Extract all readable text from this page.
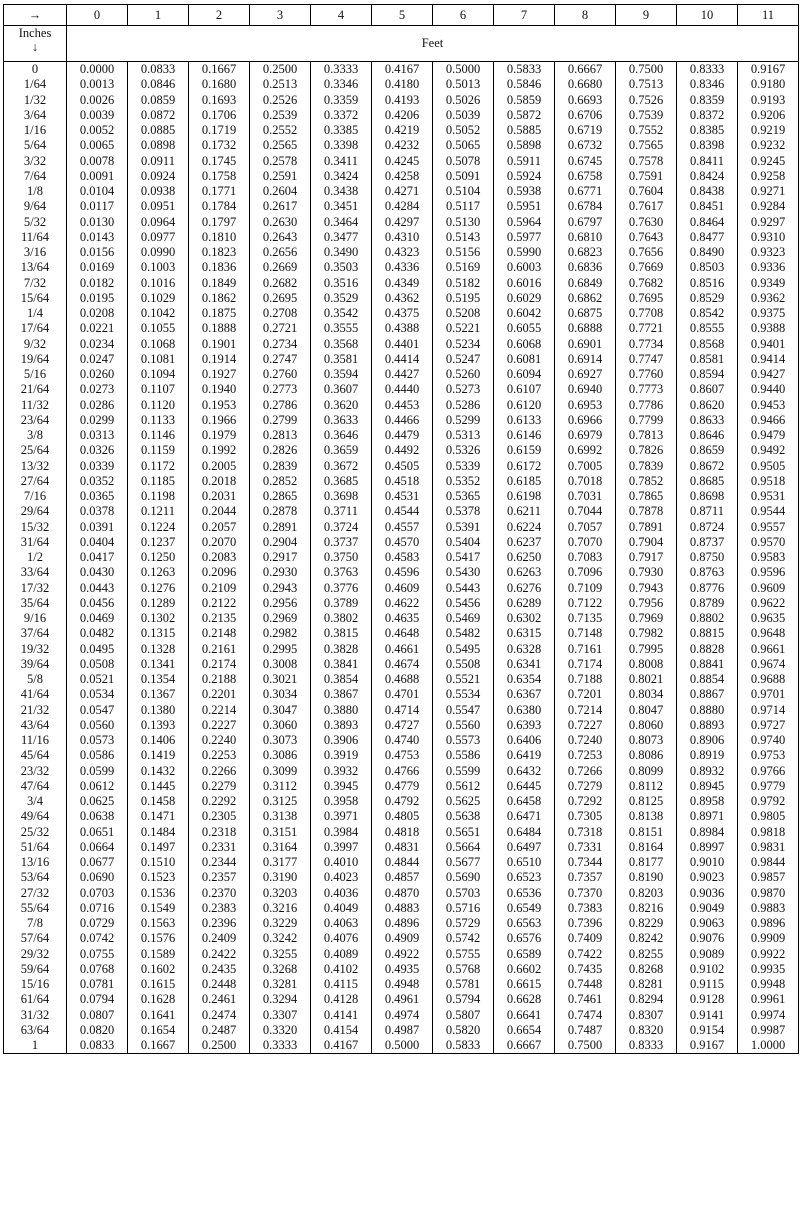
→	0	1	2	3	4	5	6	7	8	9	10	11

Inches
↓	Feet											
0	0.0000	0.0833	0.1667	0.2500	0.3333	0.4167	0.5000	0.5833	0.6667	0.7500	0.8333	0.9167
1/64	0.0013	0.0846	0.1680	0.2513	0.3346	0.4180	0.5013	0.5846	0.6680	0.7513	0.8346	0.9180
1/32	0.0026	0.0859	0.1693	0.2526	0.3359	0.4193	0.5026	0.5859	0.6693	0.7526	0.8359	0.9193
3/64	0.0039	0.0872	0.1706	0.2539	0.3372	0.4206	0.5039	0.5872	0.6706	0.7539	0.8372	0.9206
1/16	0.0052	0.0885	0.1719	0.2552	0.3385	0.4219	0.5052	0.5885	0.6719	0.7552	0.8385	0.9219
5/64	0.0065	0.0898	0.1732	0.2565	0.3398	0.4232	0.5065	0.5898	0.6732	0.7565	0.8398	0.9232
3/32	0.0078	0.0911	0.1745	0.2578	0.3411	0.4245	0.5078	0.5911	0.6745	0.7578	0.8411	0.9245
7/64	0.0091	0.0924	0.1758	0.2591	0.3424	0.4258	0.5091	0.5924	0.6758	0.7591	0.8424	0.9258
1/8	0.0104	0.0938	0.1771	0.2604	0.3438	0.4271	0.5104	0.5938	0.6771	0.7604	0.8438	0.9271
9/64	0.0117	0.0951	0.1784	0.2617	0.3451	0.4284	0.5117	0.5951	0.6784	0.7617	0.8451	0.9284
5/32	0.0130	0.0964	0.1797	0.2630	0.3464	0.4297	0.5130	0.5964	0.6797	0.7630	0.8464	0.9297
11/64	0.0143	0.0977	0.1810	0.2643	0.3477	0.4310	0.5143	0.5977	0.6810	0.7643	0.8477	0.9310
3/16	0.0156	0.0990	0.1823	0.2656	0.3490	0.4323	0.5156	0.5990	0.6823	0.7656	0.8490	0.9323
13/64	0.0169	0.1003	0.1836	0.2669	0.3503	0.4336	0.5169	0.6003	0.6836	0.7669	0.8503	0.9336
7/32	0.0182	0.1016	0.1849	0.2682	0.3516	0.4349	0.5182	0.6016	0.6849	0.7682	0.8516	0.9349
15/64	0.0195	0.1029	0.1862	0.2695	0.3529	0.4362	0.5195	0.6029	0.6862	0.7695	0.8529	0.9362
1/4	0.0208	0.1042	0.1875	0.2708	0.3542	0.4375	0.5208	0.6042	0.6875	0.7708	0.8542	0.9375
17/64	0.0221	0.1055	0.1888	0.2721	0.3555	0.4388	0.5221	0.6055	0.6888	0.7721	0.8555	0.9388
9/32	0.0234	0.1068	0.1901	0.2734	0.3568	0.4401	0.5234	0.6068	0.6901	0.7734	0.8568	0.9401
19/64	0.0247	0.1081	0.1914	0.2747	0.3581	0.4414	0.5247	0.6081	0.6914	0.7747	0.8581	0.9414
5/16	0.0260	0.1094	0.1927	0.2760	0.3594	0.4427	0.5260	0.6094	0.6927	0.7760	0.8594	0.9427
21/64	0.0273	0.1107	0.1940	0.2773	0.3607	0.4440	0.5273	0.6107	0.6940	0.7773	0.8607	0.9440
11/32	0.0286	0.1120	0.1953	0.2786	0.3620	0.4453	0.5286	0.6120	0.6953	0.7786	0.8620	0.9453
23/64	0.0299	0.1133	0.1966	0.2799	0.3633	0.4466	0.5299	0.6133	0.6966	0.7799	0.8633	0.9466
3/8	0.0313	0.1146	0.1979	0.2813	0.3646	0.4479	0.5313	0.6146	0.6979	0.7813	0.8646	0.9479
25/64	0.0326	0.1159	0.1992	0.2826	0.3659	0.4492	0.5326	0.6159	0.6992	0.7826	0.8659	0.9492
13/32	0.0339	0.1172	0.2005	0.2839	0.3672	0.4505	0.5339	0.6172	0.7005	0.7839	0.8672	0.9505
27/64	0.0352	0.1185	0.2018	0.2852	0.3685	0.4518	0.5352	0.6185	0.7018	0.7852	0.8685	0.9518
7/16	0.0365	0.1198	0.2031	0.2865	0.3698	0.4531	0.5365	0.6198	0.7031	0.7865	0.8698	0.9531
29/64	0.0378	0.1211	0.2044	0.2878	0.3711	0.4544	0.5378	0.6211	0.7044	0.7878	0.8711	0.9544
15/32	0.0391	0.1224	0.2057	0.2891	0.3724	0.4557	0.5391	0.6224	0.7057	0.7891	0.8724	0.9557
31/64	0.0404	0.1237	0.2070	0.2904	0.3737	0.4570	0.5404	0.6237	0.7070	0.7904	0.8737	0.9570
1/2	0.0417	0.1250	0.2083	0.2917	0.3750	0.4583	0.5417	0.6250	0.7083	0.7917	0.8750	0.9583
33/64	0.0430	0.1263	0.2096	0.2930	0.3763	0.4596	0.5430	0.6263	0.7096	0.7930	0.8763	0.9596
17/32	0.0443	0.1276	0.2109	0.2943	0.3776	0.4609	0.5443	0.6276	0.7109	0.7943	0.8776	0.9609
35/64	0.0456	0.1289	0.2122	0.2956	0.3789	0.4622	0.5456	0.6289	0.7122	0.7956	0.8789	0.9622
9/16	0.0469	0.1302	0.2135	0.2969	0.3802	0.4635	0.5469	0.6302	0.7135	0.7969	0.8802	0.9635
37/64	0.0482	0.1315	0.2148	0.2982	0.3815	0.4648	0.5482	0.6315	0.7148	0.7982	0.8815	0.9648
19/32	0.0495	0.1328	0.2161	0.2995	0.3828	0.4661	0.5495	0.6328	0.7161	0.7995	0.8828	0.9661
39/64	0.0508	0.1341	0.2174	0.3008	0.3841	0.4674	0.5508	0.6341	0.7174	0.8008	0.8841	0.9674
5/8	0.0521	0.1354	0.2188	0.3021	0.3854	0.4688	0.5521	0.6354	0.7188	0.8021	0.8854	0.9688
41/64	0.0534	0.1367	0.2201	0.3034	0.3867	0.4701	0.5534	0.6367	0.7201	0.8034	0.8867	0.9701
21/32	0.0547	0.1380	0.2214	0.3047	0.3880	0.4714	0.5547	0.6380	0.7214	0.8047	0.8880	0.9714
43/64	0.0560	0.1393	0.2227	0.3060	0.3893	0.4727	0.5560	0.6393	0.7227	0.8060	0.8893	0.9727
11/16	0.0573	0.1406	0.2240	0.3073	0.3906	0.4740	0.5573	0.6406	0.7240	0.8073	0.8906	0.9740
45/64	0.0586	0.1419	0.2253	0.3086	0.3919	0.4753	0.5586	0.6419	0.7253	0.8086	0.8919	0.9753
23/32	0.0599	0.1432	0.2266	0.3099	0.3932	0.4766	0.5599	0.6432	0.7266	0.8099	0.8932	0.9766
47/64	0.0612	0.1445	0.2279	0.3112	0.3945	0.4779	0.5612	0.6445	0.7279	0.8112	0.8945	0.9779
3/4	0.0625	0.1458	0.2292	0.3125	0.3958	0.4792	0.5625	0.6458	0.7292	0.8125	0.8958	0.9792
49/64	0.0638	0.1471	0.2305	0.3138	0.3971	0.4805	0.5638	0.6471	0.7305	0.8138	0.8971	0.9805
25/32	0.0651	0.1484	0.2318	0.3151	0.3984	0.4818	0.5651	0.6484	0.7318	0.8151	0.8984	0.9818
51/64	0.0664	0.1497	0.2331	0.3164	0.3997	0.4831	0.5664	0.6497	0.7331	0.8164	0.8997	0.9831
13/16	0.0677	0.1510	0.2344	0.3177	0.4010	0.4844	0.5677	0.6510	0.7344	0.8177	0.9010	0.9844
53/64	0.0690	0.1523	0.2357	0.3190	0.4023	0.4857	0.5690	0.6523	0.7357	0.8190	0.9023	0.9857
27/32	0.0703	0.1536	0.2370	0.3203	0.4036	0.4870	0.5703	0.6536	0.7370	0.8203	0.9036	0.9870
55/64	0.0716	0.1549	0.2383	0.3216	0.4049	0.4883	0.5716	0.6549	0.7383	0.8216	0.9049	0.9883
7/8	0.0729	0.1563	0.2396	0.3229	0.4063	0.4896	0.5729	0.6563	0.7396	0.8229	0.9063	0.9896
57/64	0.0742	0.1576	0.2409	0.3242	0.4076	0.4909	0.5742	0.6576	0.7409	0.8242	0.9076	0.9909
29/32	0.0755	0.1589	0.2422	0.3255	0.4089	0.4922	0.5755	0.6589	0.7422	0.8255	0.9089	0.9922
59/64	0.0768	0.1602	0.2435	0.3268	0.4102	0.4935	0.5768	0.6602	0.7435	0.8268	0.9102	0.9935
15/16	0.0781	0.1615	0.2448	0.3281	0.4115	0.4948	0.5781	0.6615	0.7448	0.8281	0.9115	0.9948
61/64	0.0794	0.1628	0.2461	0.3294	0.4128	0.4961	0.5794	0.6628	0.7461	0.8294	0.9128	0.9961
31/32	0.0807	0.1641	0.2474	0.3307	0.4141	0.4974	0.5807	0.6641	0.7474	0.8307	0.9141	0.9974
63/64	0.0820	0.1654	0.2487	0.3320	0.4154	0.4987	0.5820	0.6654	0.7487	0.8320	0.9154	0.9987
1	0.0833	0.1667	0.2500	0.3333	0.4167	0.5000	0.5833	0.6667	0.7500	0.8333	0.9167	1.0000
